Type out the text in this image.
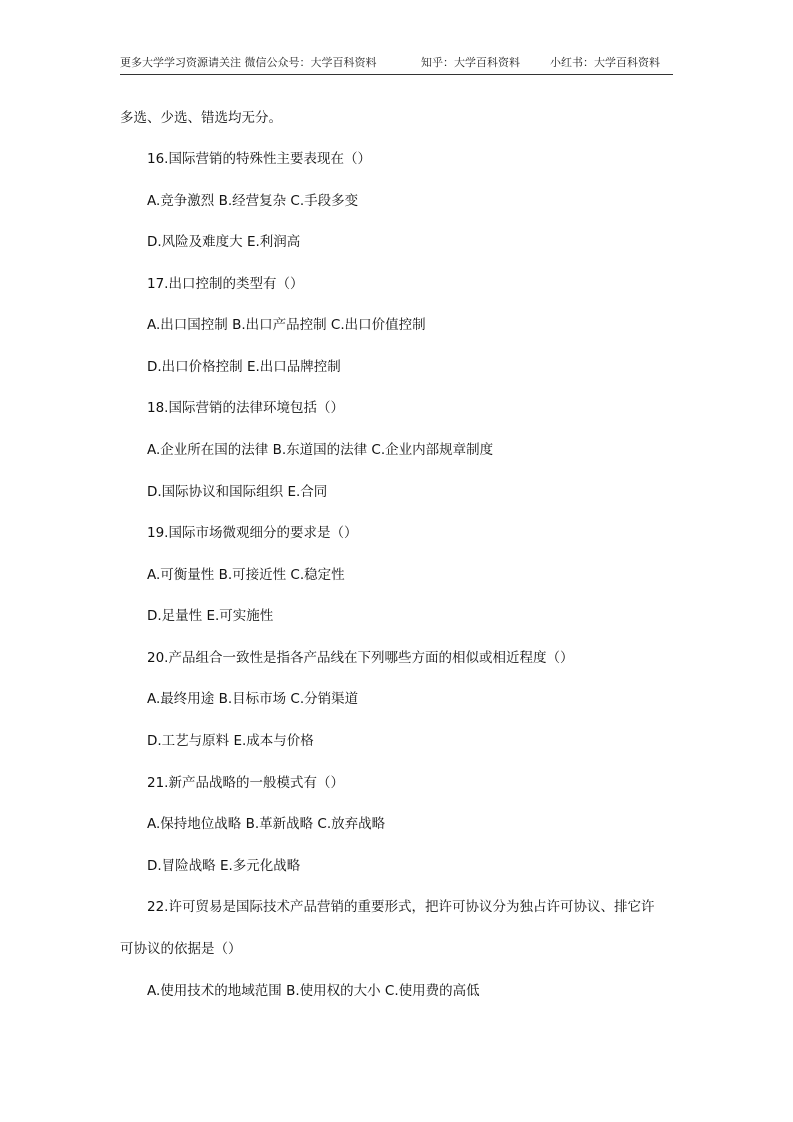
更多大学学习资源请关注 微信公众号：大学百科资料	知乎：大学百科资料	小红书：大学百科资料
多选、少选、错选均无分。
16.国际营销的特殊性主要表现在（）
A.竞争激烈 B.经营复杂 C.手段多变
D.风险及难度大 E.利润高
17.出口控制的类型有（）
A.出口国控制 B.出口产品控制 C.出口价值控制
D.出口价格控制 E.出口品牌控制
18.国际营销的法律环境包括（）
A.企业所在国的法律 B.东道国的法律 C.企业内部规章制度
D.国际协议和国际组织 E.合同
19.国际市场微观细分的要求是（）
A.可衡量性 B.可接近性 C.稳定性
D.足量性 E.可实施性
20.产品组合一致性是指各产品线在下列哪些方面的相似或相近程度（）
A.最终用途 B.目标市场 C.分销渠道
D.工艺与原料 E.成本与价格
21.新产品战略的一般模式有（）
A.保持地位战略 B.革新战略 C.放弃战略
D.冒险战略 E.多元化战略
22.许可贸易是国际技术产品营销的重要形式，把许可协议分为独占许可协议、排它许
可协议的依据是（）
A.使用技术的地域范围 B.使用权的大小 C.使用费的高低
